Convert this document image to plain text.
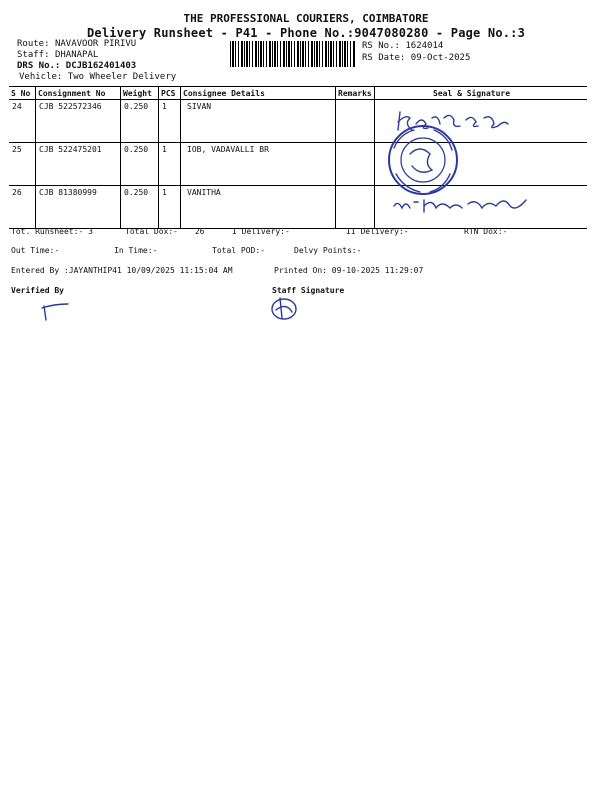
THE PROFESSIONAL COURIERS, COIMBATORE
Delivery Runsheet - P41 - Phone No.:9047080280 - Page No.:3
Route: NAVAVOOR PIRIVU
Staff: DHANAPAL
DRS No.: DCJB162401403
Vehicle: Two Wheeler Delivery
RS No.: 1624014
RS Date: 09-Oct-2025
S No	Consignment No	Weight	PCS	Consignee Details	Remarks	Seal & Signature
24	CJB 522572346	0.250	1	SIVAN		
25	CJB 522475201	0.250	1	IOB, VADAVALLI BR		
26	CJB 81380999	0.250	1	VANITHA		
Tot. Runsheet:- 3	Total Dox:- 26	I Delivery:-	II Delivery:-	RTN Dox:-
Out Time:-	In Time:-	Total POD:-	Delvy Points:-
Entered By :JAYANTHIP41 10/09/2025 11:15:04 AM	Printed On: 09-10-2025 11:29:07
Verified By	Staff Signature
